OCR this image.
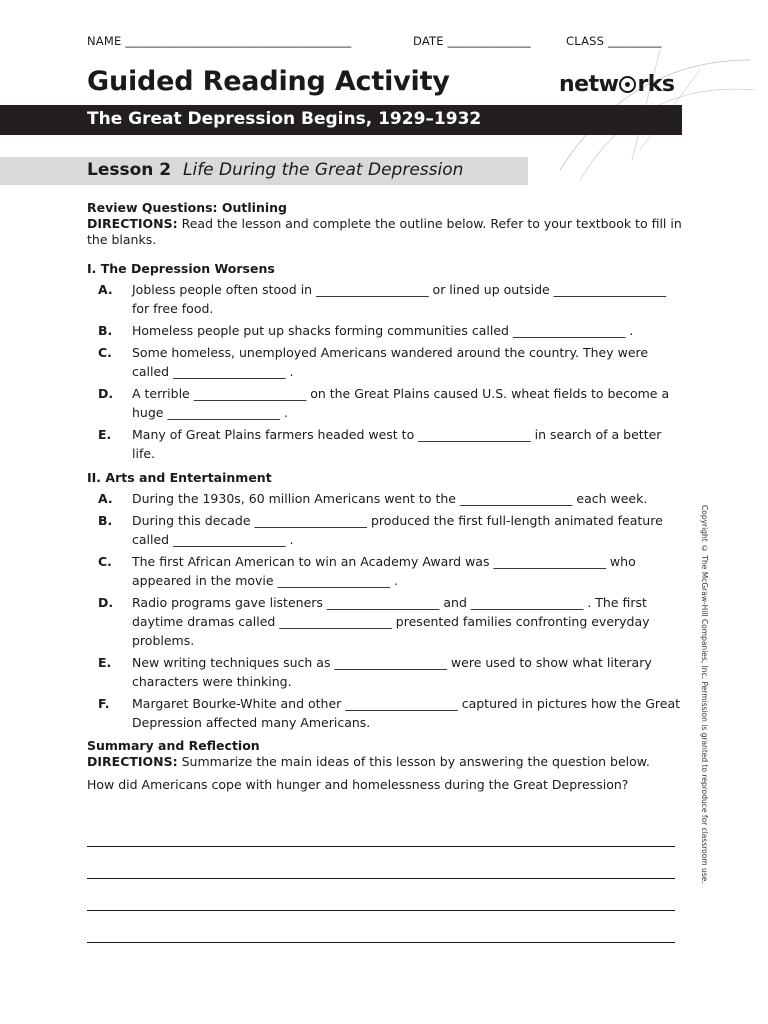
NAME ______________________________________	DATE ______________	CLASS _________
Guided Reading Activity	netw rks
The Great Depression Begins, 1929–1932
Lesson 2 Life During the Great Depression
Review Questions: Outlining
DIRECTIONS: Read the lesson and complete the outline below. Refer to your textbook to fill in the blanks.
I. The Depression Worsens
A. Jobless people often stood in __________________ or lined up outside __________________ for free food.
B. Homeless people put up shacks forming communities called __________________ .
C. Some homeless, unemployed Americans wandered around the country. They were called __________________ .
D. A terrible __________________ on the Great Plains caused U.S. wheat fields to become a huge __________________ .
E. Many of Great Plains farmers headed west to __________________ in search of a better life.
II. Arts and Entertainment
A. During the 1930s, 60 million Americans went to the __________________ each week.
B. During this decade __________________ produced the first full-length animated feature called __________________ .
C. The first African American to win an Academy Award was __________________ who appeared in the movie __________________ .
D. Radio programs gave listeners __________________ and __________________ . The first daytime dramas called __________________ presented families confronting everyday problems.
E. New writing techniques such as __________________ were used to show what literary characters were thinking.
F. Margaret Bourke-White and other __________________ captured in pictures how the Great Depression affected many Americans.
Summary and Reflection
DIRECTIONS: Summarize the main ideas of this lesson by answering the question below.
How did Americans cope with hunger and homelessness during the Great Depression?	Copyright © The McGraw-Hill Companies, Inc. Permission is granted to reproduce for classroom use.
